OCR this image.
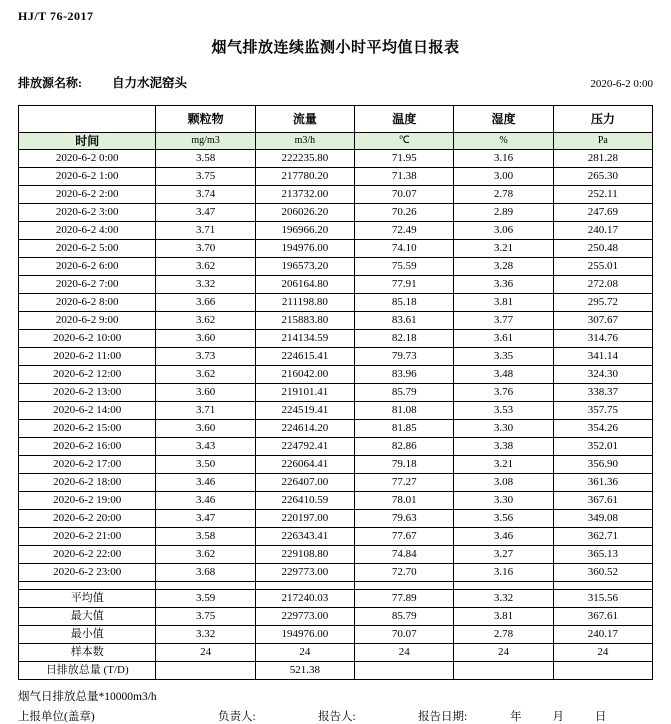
HJ/T 76-2017
烟气排放连续监测小时平均值日报表
排放源名称: 自力水泥窑头	2020-6-2 0:00
	颗粒物	流量	温度	湿度	压力
时间	mg/m3	m3/h	℃	%	Pa
2020-6-2 0:00	3.58	222235.80	71.95	3.16	281.28
2020-6-2 1:00	3.75	217780.20	71.38	3.00	265.30
2020-6-2 2:00	3.74	213732.00	70.07	2.78	252.11
2020-6-2 3:00	3.47	206026.20	70.26	2.89	247.69
2020-6-2 4:00	3.71	196966.20	72.49	3.06	240.17
2020-6-2 5:00	3.70	194976.00	74.10	3.21	250.48
2020-6-2 6:00	3.62	196573.20	75.59	3.28	255.01
2020-6-2 7:00	3.32	206164.80	77.91	3.36	272.08
2020-6-2 8:00	3.66	211198.80	85.18	3.81	295.72
2020-6-2 9:00	3.62	215883.80	83.61	3.77	307.67
2020-6-2 10:00	3.60	214134.59	82.18	3.61	314.76
2020-6-2 11:00	3.73	224615.41	79.73	3.35	341.14
2020-6-2 12:00	3.62	216042.00	83.96	3.48	324.30
2020-6-2 13:00	3.60	219101.41	85.79	3.76	338.37
2020-6-2 14:00	3.71	224519.41	81.08	3.53	357.75
2020-6-2 15:00	3.60	224614.20	81.85	3.30	354.26
2020-6-2 16:00	3.43	224792.41	82.86	3.38	352.01
2020-6-2 17:00	3.50	226064.41	79.18	3.21	356.90
2020-6-2 18:00	3.46	226407.00	77.27	3.08	361.36
2020-6-2 19:00	3.46	226410.59	78.01	3.30	367.61
2020-6-2 20:00	3.47	220197.00	79.63	3.56	349.08
2020-6-2 21:00	3.58	226343.41	77.67	3.46	362.71
2020-6-2 22:00	3.62	229108.80	74.84	3.27	365.13
2020-6-2 23:00	3.68	229773.00	72.70	3.16	360.52

平均值	3.59	217240.03	77.89	3.32	315.56
最大值	3.75	229773.00	85.79	3.81	367.61
最小值	3.32	194976.00	70.07	2.78	240.17
样本数	24	24	24	24	24
日排放总量 (T/D)		521.38			
烟气日排放总量*10000m3/h
上报单位(盖章)	负责人:	报告人:	报告日期:	年 月 日
